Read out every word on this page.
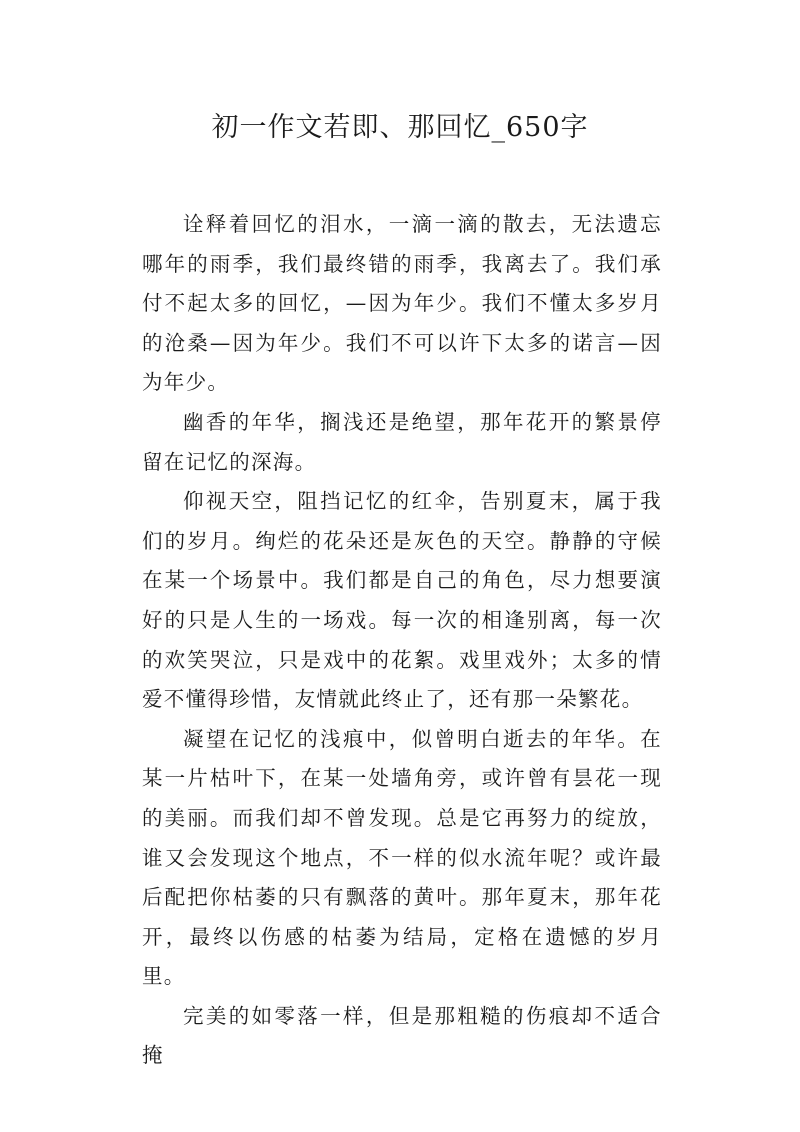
初一作文若即、那回忆_650字

诠释着回忆的泪水，一滴一滴的散去，无法遗忘哪年的雨季，我们最终错的雨季，我离去了。我们承付不起太多的回忆，—因为年少。我们不懂太多岁月的沧桑—因为年少。我们不可以许下太多的诺言—因为年少。

幽香的年华，搁浅还是绝望，那年花开的繁景停留在记忆的深海。

仰视天空，阻挡记忆的红伞，告别夏末，属于我们的岁月。绚烂的花朵还是灰色的天空。静静的守候在某一个场景中。我们都是自己的角色，尽力想要演好的只是人生的一场戏。每一次的相逢别离，每一次的欢笑哭泣，只是戏中的花絮。戏里戏外；太多的情爱不懂得珍惜，友情就此终止了，还有那一朵繁花。

凝望在记忆的浅痕中，似曾明白逝去的年华。在某一片枯叶下，在某一处墙角旁，或许曾有昙花一现的美丽。而我们却不曾发现。总是它再努力的绽放，谁又会发现这个地点，不一样的似水流年呢？或许最后配把你枯萎的只有飘落的黄叶。那年夏末，那年花开，最终以伤感的枯萎为结局，定格在遗憾的岁月里。

完美的如零落一样，但是那粗糙的伤痕却不适合掩
